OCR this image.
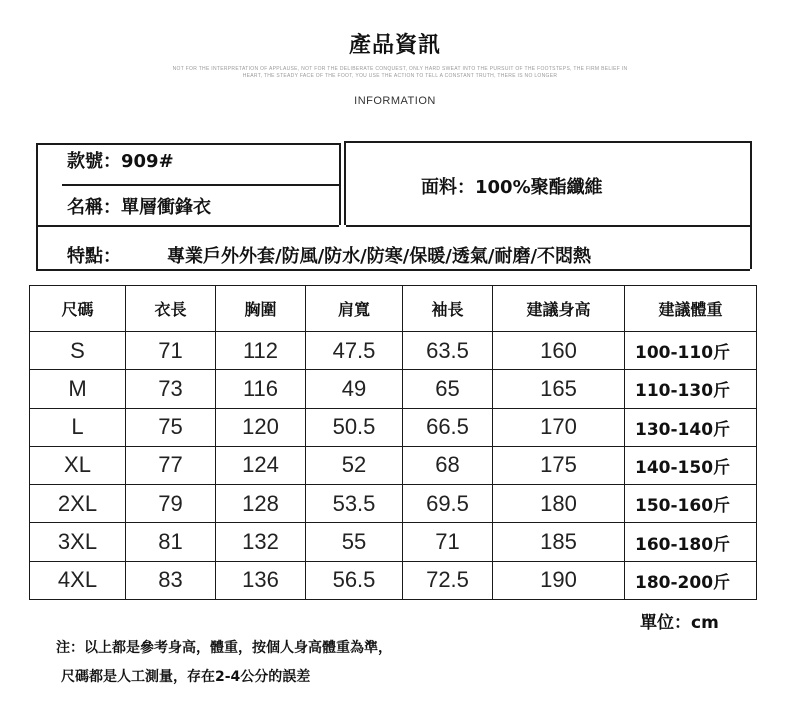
產品資訊
NOT FOR THE INTERPRETATION OF APPLAUSE, NOT FOR THE DELIBERATE CONQUEST, ONLY HARD SWEAT INTO THE PURSUIT OF THE FOOTSTEPS, THE FIRM BELIEF IN
HEART, THE STEADY FACE OF THE FOOT, YOU USE THE ACTION TO TELL A CONSTANT TRUTH, THERE IS NO LONGER
INFORMATION
款號：909#
名稱：單層衝鋒衣
面料：100%聚酯纖維
特點：	專業戶外外套/防風/防水/防寒/保暖/透氣/耐磨/不悶熱
尺碼	衣長	胸圍	肩寬	袖長	建議身高	建議體重
S	71	112	47.5	63.5	160	100-110斤
M	73	116	49	65	165	110-130斤
L	75	120	50.5	66.5	170	130-140斤
XL	77	124	52	68	175	140-150斤
2XL	79	128	53.5	69.5	180	150-160斤
3XL	81	132	55	71	185	160-180斤
4XL	83	136	56.5	72.5	190	180-200斤
單位：cm
注：以上都是參考身高，體重，按個人身高體重為準，
尺碼都是人工測量，存在2-4公分的誤差
